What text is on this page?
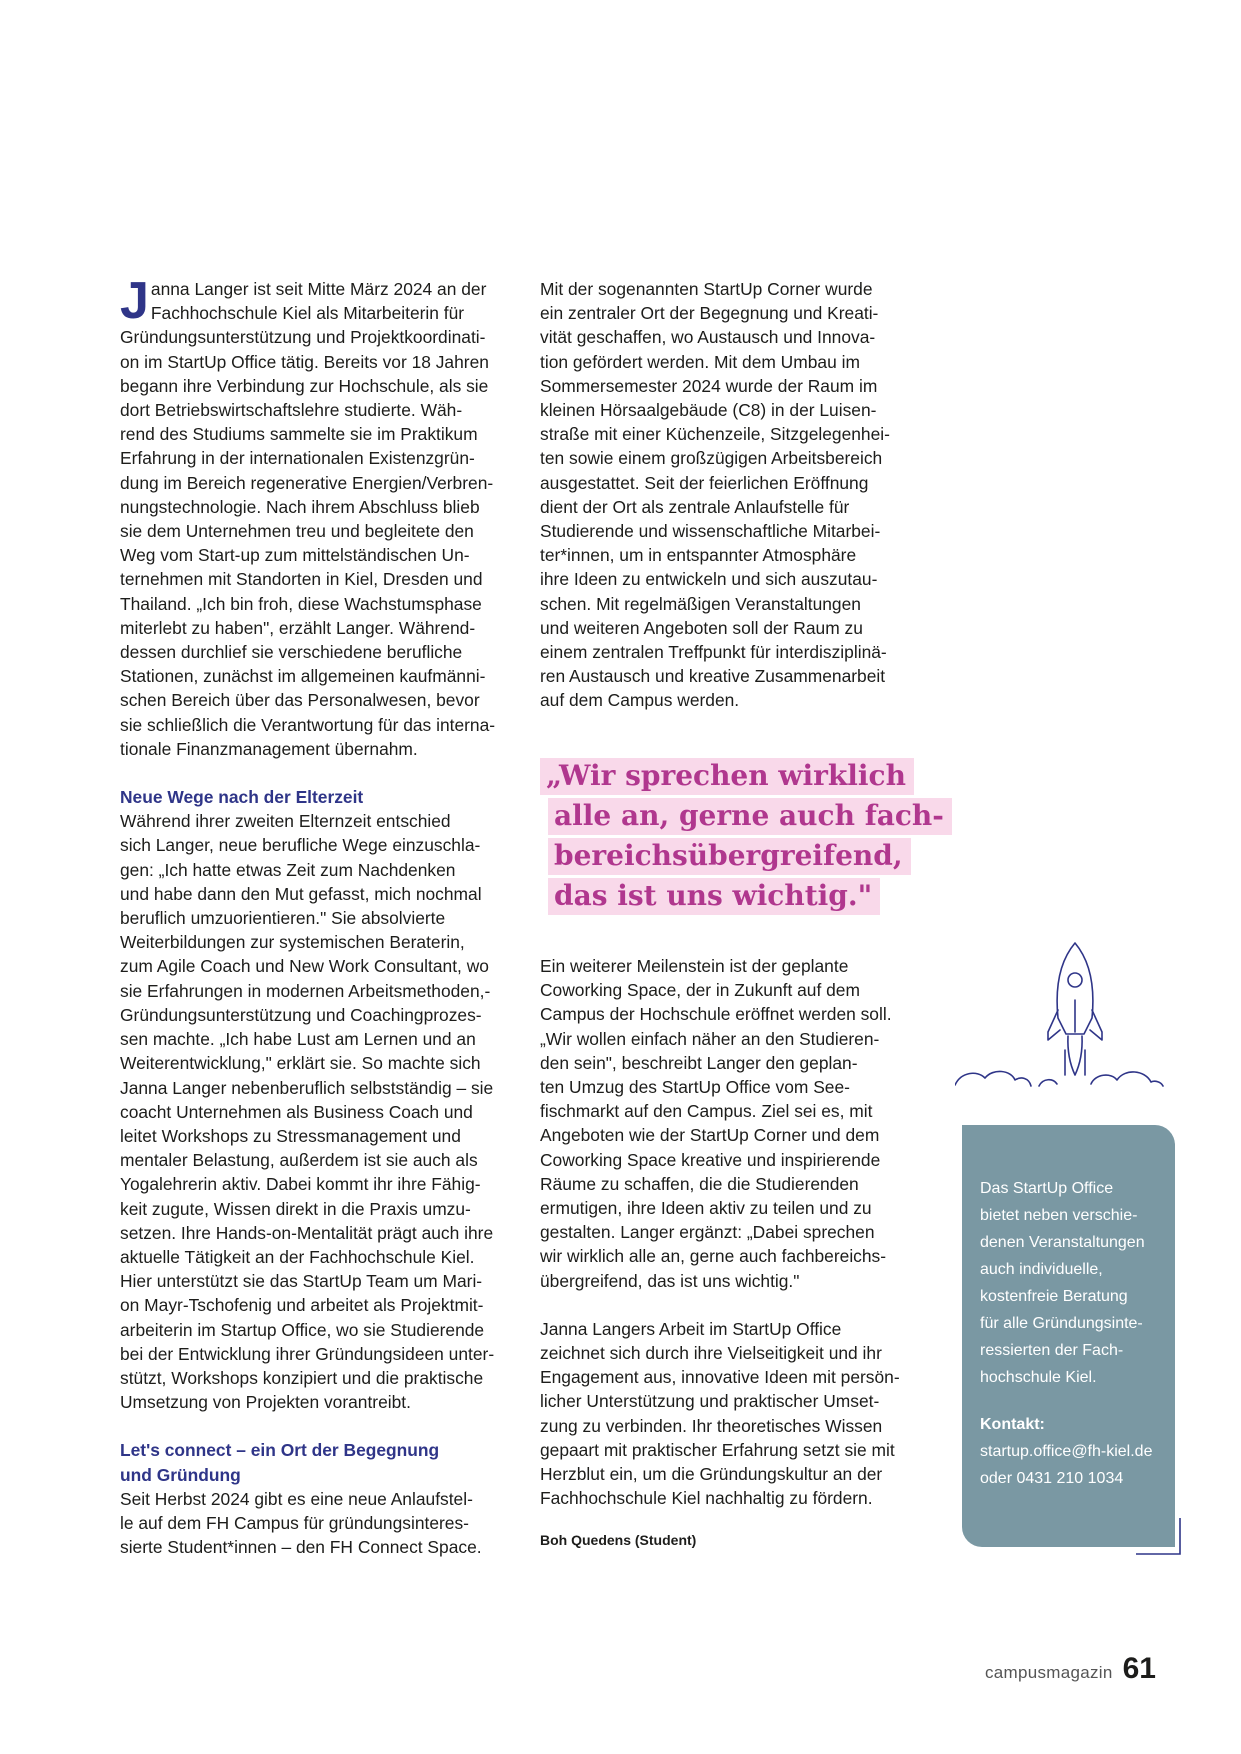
J anna Langer ist seit Mitte März 2024 an der
Fachhochschule Kiel als Mitarbeiterin für
Gründungsunterstützung und Projektkoordinati-
on im StartUp Office tätig. Bereits vor 18 Jahren
begann ihre Verbindung zur Hochschule, als sie
dort Betriebswirtschaftslehre studierte. Wäh-
rend des Studiums sammelte sie im Praktikum
Erfahrung in der internationalen Existenzgrün-
dung im Bereich regenerative Energien/Verbren-
nungstechnologie. Nach ihrem Abschluss blieb
sie dem Unternehmen treu und begleitete den
Weg vom Start-up zum mittelständischen Un-
ternehmen mit Standorten in Kiel, Dresden und
Thailand. „Ich bin froh, diese Wachstumsphase
miterlebt zu haben", erzählt Langer. Während-
dessen durchlief sie verschiedene berufliche
Stationen, zunächst im allgemeinen kaufmänni-
schen Bereich über das Personalwesen, bevor
sie schließlich die Verantwortung für das interna-
tionale Finanzmanagement übernahm.

Neue Wege nach der Elterzeit

Während ihrer zweiten Elternzeit entschied
sich Langer, neue berufliche Wege einzuschla-
gen: „Ich hatte etwas Zeit zum Nachdenken
und habe dann den Mut gefasst, mich nochmal
beruflich umzuorientieren." Sie absolvierte
Weiterbildungen zur systemischen Beraterin,
zum Agile Coach und New Work Consultant, wo
sie Erfahrungen in modernen Arbeitsmethoden,-
Gründungsunterstützung und Coachingprozes-
sen machte. „Ich habe Lust am Lernen und an
Weiterentwicklung," erklärt sie. So machte sich
Janna Langer nebenberuflich selbstständig – sie
coacht Unternehmen als Business Coach und
leitet Workshops zu Stressmanagement und
mentaler Belastung, außerdem ist sie auch als
Yogalehrerin aktiv. Dabei kommt ihr ihre Fähig-
keit zugute, Wissen direkt in die Praxis umzu-
setzen. Ihre Hands-on-Mentalität prägt auch ihre
aktuelle Tätigkeit an der Fachhochschule Kiel.
Hier unterstützt sie das StartUp Team um Mari-
on Mayr-Tschofenig und arbeitet als Projektmit-
arbeiterin im Startup Office, wo sie Studierende
bei der Entwicklung ihrer Gründungsideen unter-
stützt, Workshops konzipiert und die praktische
Umsetzung von Projekten vorantreibt.

Let's connect – ein Ort der Begegnung
und Gründung

Seit Herbst 2024 gibt es eine neue Anlaufstel-
le auf dem FH Campus für gründungsinteres-
sierte Student*innen – den FH Connect Space.

Mit der sogenannten StartUp Corner wurde
ein zentraler Ort der Begegnung und Kreati-
vität geschaffen, wo Austausch und Innova-
tion gefördert werden. Mit dem Umbau im
Sommersemester 2024 wurde der Raum im
kleinen Hörsaalgebäude (C8) in der Luisen-
straße mit einer Küchenzeile, Sitzgelegenhei-
ten sowie einem großzügigen Arbeitsbereich
ausgestattet. Seit der feierlichen Eröffnung
dient der Ort als zentrale Anlaufstelle für
Studierende und wissenschaftliche Mitarbei-
ter*innen, um in entspannter Atmosphäre
ihre Ideen zu entwickeln und sich auszutau-
schen. Mit regelmäßigen Veranstaltungen
und weiteren Angeboten soll der Raum zu
einem zentralen Treffpunkt für interdisziplinä-
ren Austausch und kreative Zusammenarbeit
auf dem Campus werden.

„Wir sprechen wirklich
alle an, gerne auch fach-
bereichsübergreifend,
das ist uns wichtig."

Ein weiterer Meilenstein ist der geplante
Coworking Space, der in Zukunft auf dem
Campus der Hochschule eröffnet werden soll.
„Wir wollen einfach näher an den Studieren-
den sein", beschreibt Langer den geplan-
ten Umzug des StartUp Office vom See-
fischmarkt auf den Campus. Ziel sei es, mit
Angeboten wie der StartUp Corner und dem
Coworking Space kreative und inspirierende
Räume zu schaffen, die die Studierenden
ermutigen, ihre Ideen aktiv zu teilen und zu
gestalten. Langer ergänzt: „Dabei sprechen
wir wirklich alle an, gerne auch fachbereichs-
übergreifend, das ist uns wichtig."

Janna Langers Arbeit im StartUp Office
zeichnet sich durch ihre Vielseitigkeit und ihr
Engagement aus, innovative Ideen mit persön-
licher Unterstützung und praktischer Umset-
zung zu verbinden. Ihr theoretisches Wissen
gepaart mit praktischer Erfahrung setzt sie mit
Herzblut ein, um die Gründungskultur an der
Fachhochschule Kiel nachhaltig zu fördern.

Boh Quedens (Student)

Das StartUp Office
bietet neben verschie-
denen Veranstaltungen
auch individuelle,
kostenfreie Beratung
für alle Gründungsinte-
ressierten der Fach-
hochschule Kiel.

Kontakt:

startup.office@fh-kiel.de
oder 0431 210 1034

campusmagazin 61
